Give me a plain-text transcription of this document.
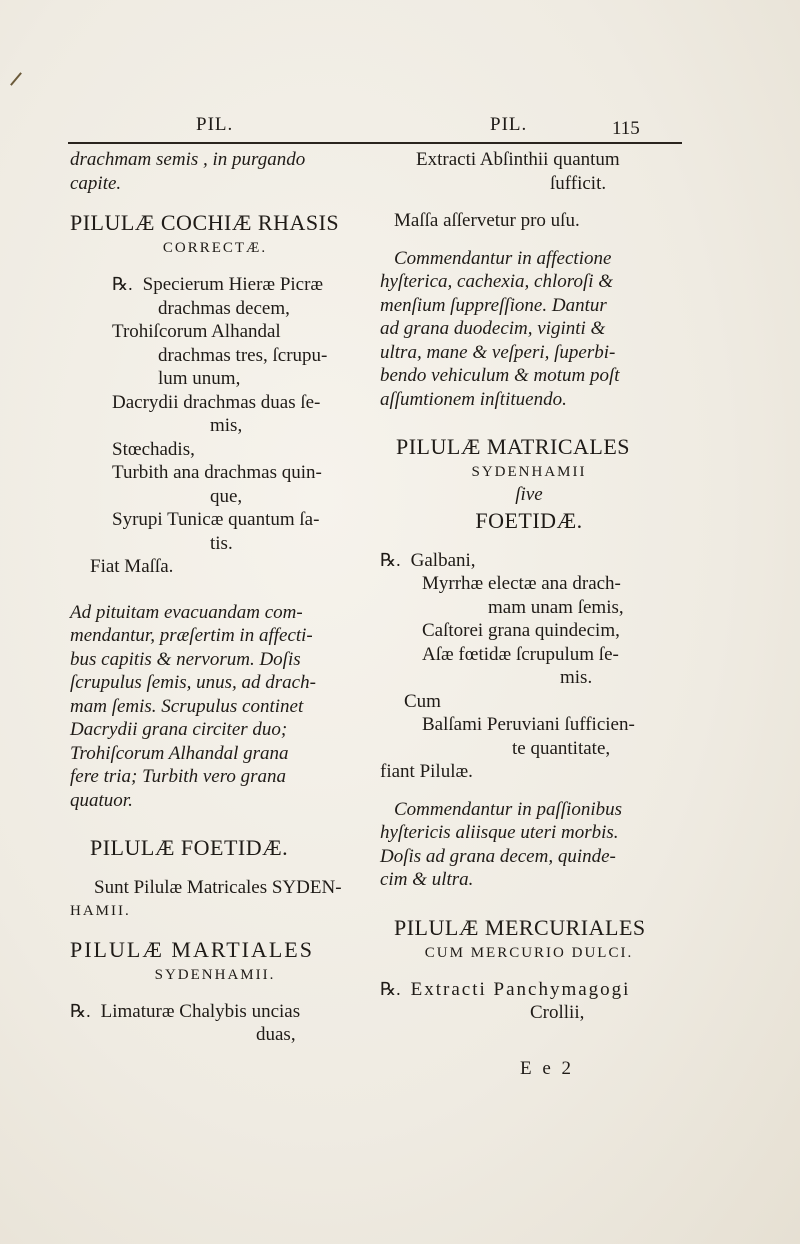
PIL.	PIL.	115
drachmam semis , in purgando
capite.
PILULÆ COCHIÆ RHASIS
CORRECTÆ.
℞. Specierum Hieræ Picræ
drachmas decem,
Trohiſcorum Alhandal
drachmas tres, ſcrupu-
lum unum,
Dacrydii drachmas duas ſe-
mis,
Stœchadis,
Turbith ana drachmas quin-
que,
Syrupi Tunicæ quantum ſa-
tis.
Fiat Maſſa.
Ad pituitam evacuandam com-
mendantur, præſertim in affecti-
bus capitis & nervorum. Doſis
ſcrupulus ſemis, unus, ad drach-
mam ſemis. Scrupulus continet
Dacrydii grana circiter duo;
Trohiſcorum Alhandal grana
fere tria; Turbith vero grana
quatuor.
PILULÆ FOETIDÆ.
Sunt Pilulæ Matricales SYDEN-
HAMII.
PILULÆ MARTIALES
SYDENHAMII.
℞. Limaturæ Chalybis uncias
duas,
Extracti Abſinthii quantum
ſufficit.
Maſſa aſſervetur pro uſu.
Commendantur in affectione
hyſterica, cachexia, chloroſi &
menſium ſuppreſſione. Dantur
ad grana duodecim, viginti &
ultra, mane & veſperi, ſuperbi-
bendo vehiculum & motum poſt
aſſumtionem inſtituendo.
PILULÆ MATRICALES
SYDENHAMII
ſive
FOETIDÆ.
℞. Galbani,
Myrrhæ electæ ana drach-
mam unam ſemis,
Caſtorei grana quindecim,
Aſæ fœtidæ ſcrupulum ſe-
mis.
Cum
Balſami Peruviani ſufficien-
te quantitate,
fiant Pilulæ.
Commendantur in paſſionibus
hyſtericis aliisque uteri morbis.
Doſis ad grana decem, quinde-
cim & ultra.
PILULÆ MERCURIALES
CUM MERCURIO DULCI.
℞. Extracti Panchymagogi
Crollii,
E e 2
